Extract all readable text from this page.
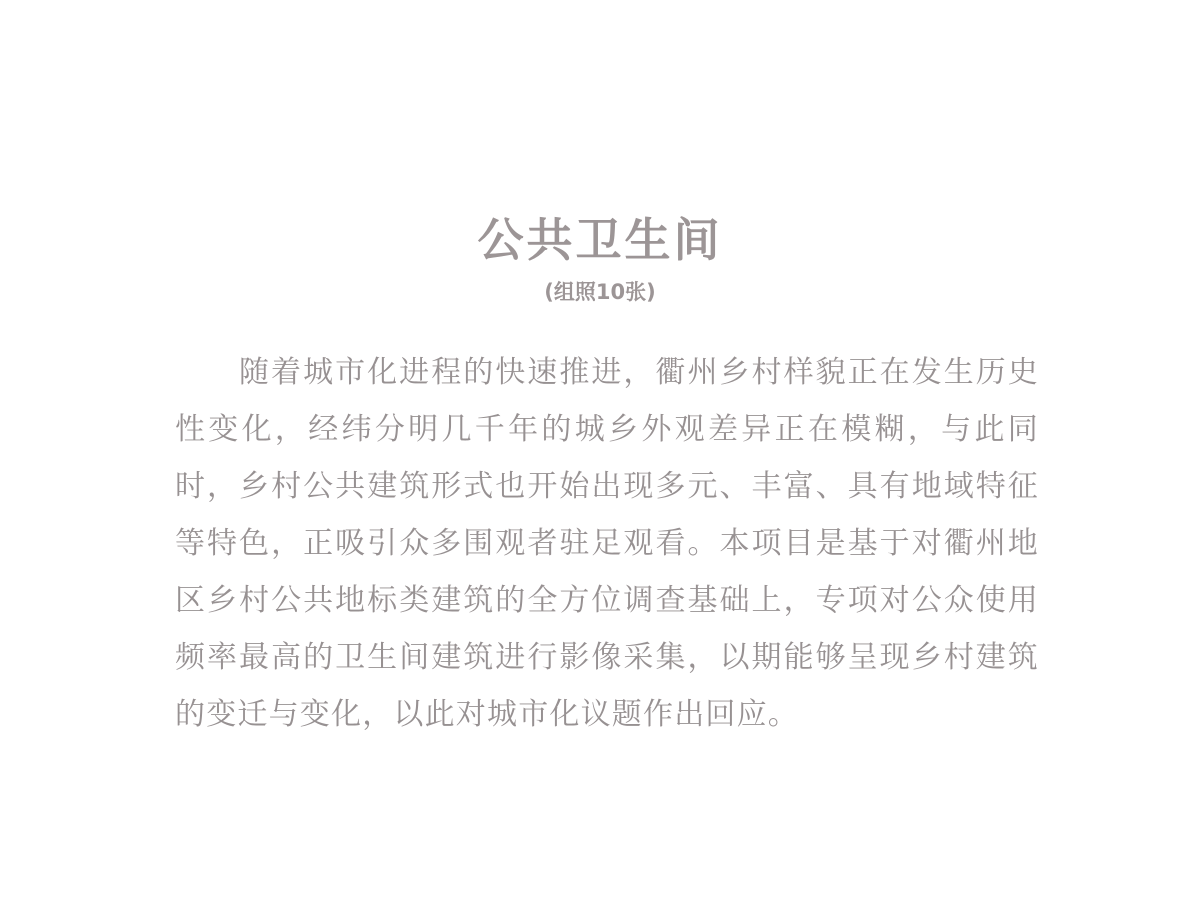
公共卫生间
(组照10张)

随着城市化进程的快速推进，衢州乡村样貌正在发生历史性变化，经纬分明几千年的城乡外观差异正在模糊，与此同时，乡村公共建筑形式也开始出现多元、丰富、具有地域特征等特色，正吸引众多围观者驻足观看。本项目是基于对衢州地区乡村公共地标类建筑的全方位调查基础上，专项对公众使用频率最高的卫生间建筑进行影像采集，以期能够呈现乡村建筑的变迁与变化，以此对城市化议题作出回应。
